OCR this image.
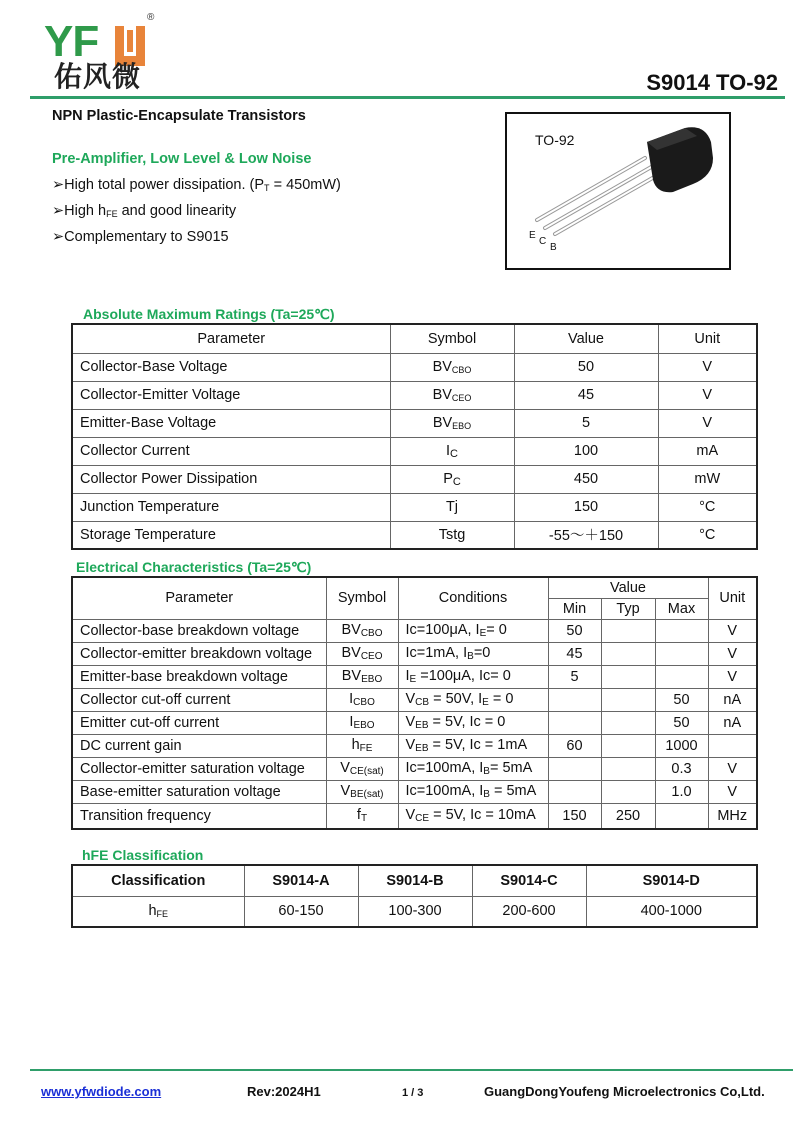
YF	®
佑风微	S9014 TO-92
NPN Plastic-Encapsulate Transistors
Pre-Amplifier, Low Level & Low Noise
➢High total power dissipation. $(P_T = 450mW)$
➢High $h_{FE}$ and good linearity
➢Complementary to S9015
TO-92
E
C
B
Absolute Maximum Ratings (Ta=25℃)
Parameter	Symbol	Value	Unit
Collector-Base Voltage	$BV_{CBO}$	50	V
Collector-Emitter Voltage	$BV_{CEO}$	45	V
Emitter-Base Voltage	$BV_{EBO}$	5	V
Collector Current	IC	100	mA
Collector Power Dissipation	PC	450	mW
Junction Temperature	Tj	150	°C
Storage Temperature	Tstg	-55～＋150	°C
Electrical Characteristics (Ta=25℃)
Parameter	Symbol	Conditions	Value			Unit
			Min	Typ	Max	
Collector-base breakdown voltage	$BV_{CBO}$	Ic=100μA, $I_E= 0$	50			V
Collector-emitter breakdown voltage	$BV_{CEO}$	Ic=1mA, $I_B=0$	45			V
Emitter-base breakdown voltage	$BV_{EBO}$	$I_E =100\mu A$, Ic= 0	5			V
Collector cut-off current	$I_{CBO}$	$V_{CB} = 50V$, $I_E = 0$			50	nA
Emitter cut-off current	$I_{EBO}$	$V_{EB} = 5V$, Ic = 0			50	nA
DC current gain	$h_{FE}$	$V_{EB} = 5V$, Ic = 1mA	60		1000	
Collector-emitter saturation voltage	$V_{CE(sat)}$	Ic=100mA, $I_B= 5mA$			0.3	V
Base-emitter saturation voltage	$V_{BE(sat)}$	Ic=100mA, $I_B = 5mA$			1.0	V
Transition frequency	$f_T$	$V_{CE} = 5V$, Ic = 10mA	150	250		MHz
hFE Classification
Classification	S9014-A	S9014-B	S9014-C	S9014-D
$h_{FE}$	60-150	100-300	200-600	400-1000
www.yfwdiode.com	Rev:2024H1	1 / 3	GuangDongYoufeng Microelectronics Co,Ltd.
